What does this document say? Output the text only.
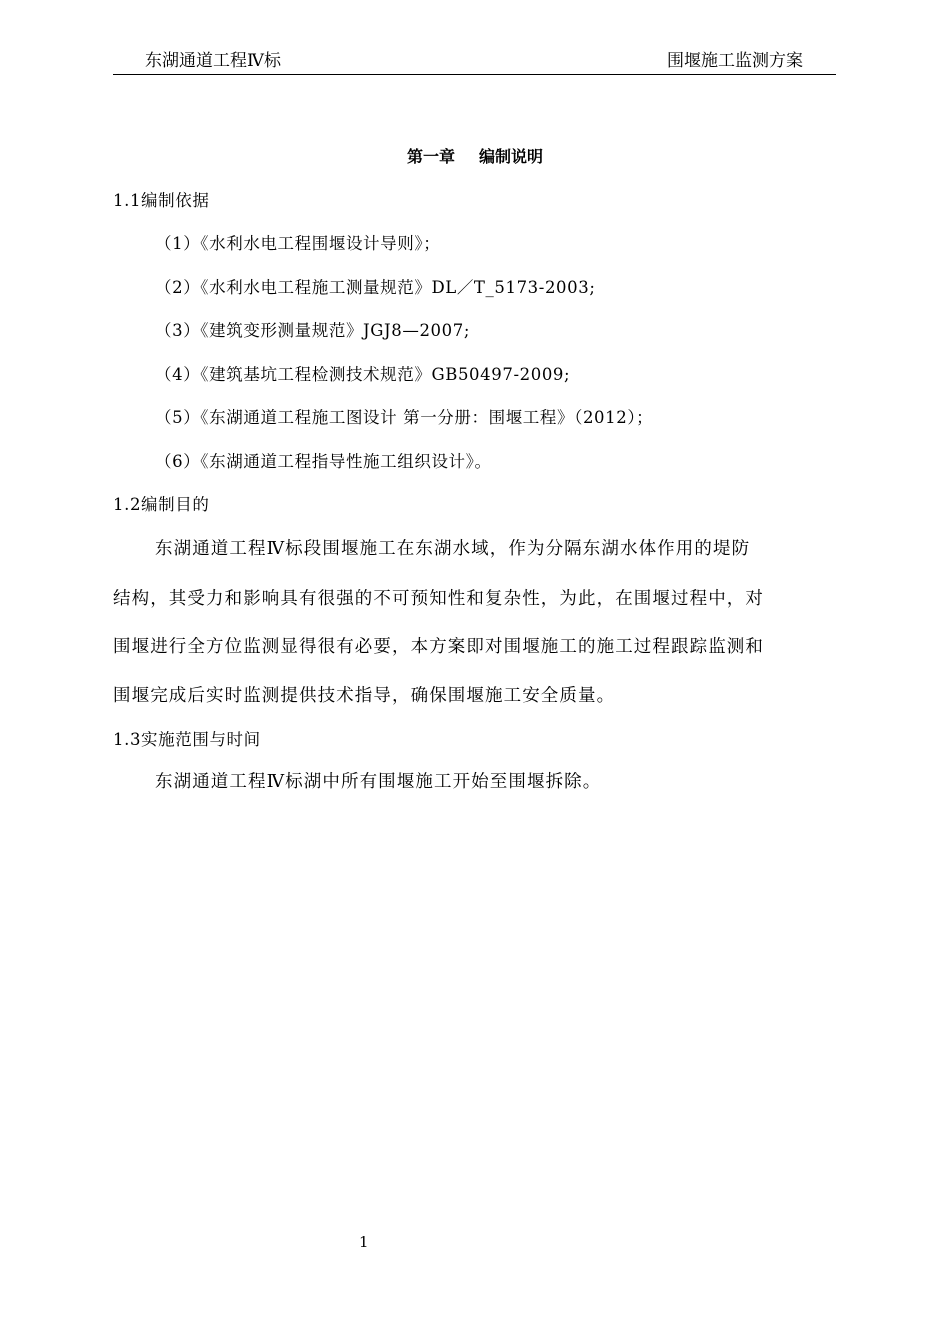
东湖通道工程Ⅳ标	围堰施工监测方案
第一章 编制说明
1.1编制依据
（1）《水利水电工程围堰设计导则》；
（2）《水利水电工程施工测量规范》DL／T_5173-2003;
（3）《建筑变形测量规范》JGJ8—2007;
（4）《建筑基坑工程检测技术规范》GB50497-2009;
（5）《东湖通道工程施工图设计 第一分册：围堰工程》（2012）；
（6）《东湖通道工程指导性施工组织设计》。
1.2编制目的
东湖通道工程Ⅳ标段围堰施工在东湖水域，作为分隔东湖水体作用的堤防
结构，其受力和影响具有很强的不可预知性和复杂性，为此，在围堰过程中，对
围堰进行全方位监测显得很有必要，本方案即对围堰施工的施工过程跟踪监测和
围堰完成后实时监测提供技术指导，确保围堰施工安全质量。
1.3实施范围与时间
东湖通道工程Ⅳ标湖中所有围堰施工开始至围堰拆除。
1
